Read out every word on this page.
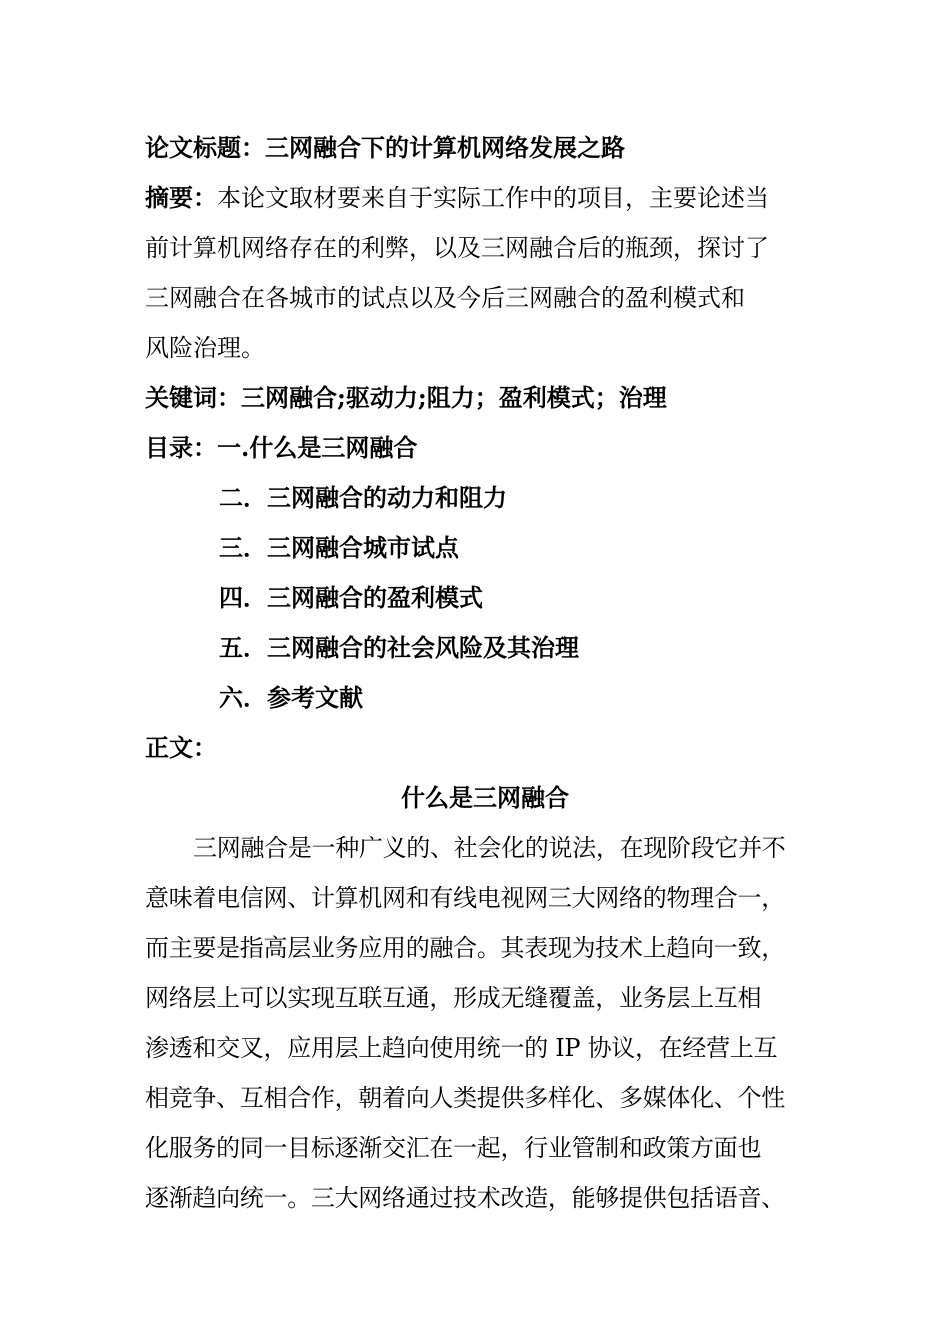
论文标题：三网融合下的计算机网络发展之路
摘要：本论文取材要来自于实际工作中的项目，主要论述当
前计算机网络存在的利弊，以及三网融合后的瓶颈，探讨了
三网融合在各城市的试点以及今后三网融合的盈利模式和
风险治理。
关键词：三网融合;驱动力;阻力；盈利模式；治理
目录：一.什么是三网融合
二．三网融合的动力和阻力
三．三网融合城市试点
四．三网融合的盈利模式
五．三网融合的社会风险及其治理
六．参考文献
正文：
什么是三网融合
三网融合是一种广义的、社会化的说法，在现阶段它并不
意味着电信网、计算机网和有线电视网三大网络的物理合一，
而主要是指高层业务应用的融合。其表现为技术上趋向一致，
网络层上可以实现互联互通，形成无缝覆盖，业务层上互相
渗透和交叉，应用层上趋向使用统一的 IP 协议，在经营上互
相竞争、互相合作，朝着向人类提供多样化、多媒体化、个性
化服务的同一目标逐渐交汇在一起，行业管制和政策方面也
逐渐趋向统一。三大网络通过技术改造，能够提供包括语音、
